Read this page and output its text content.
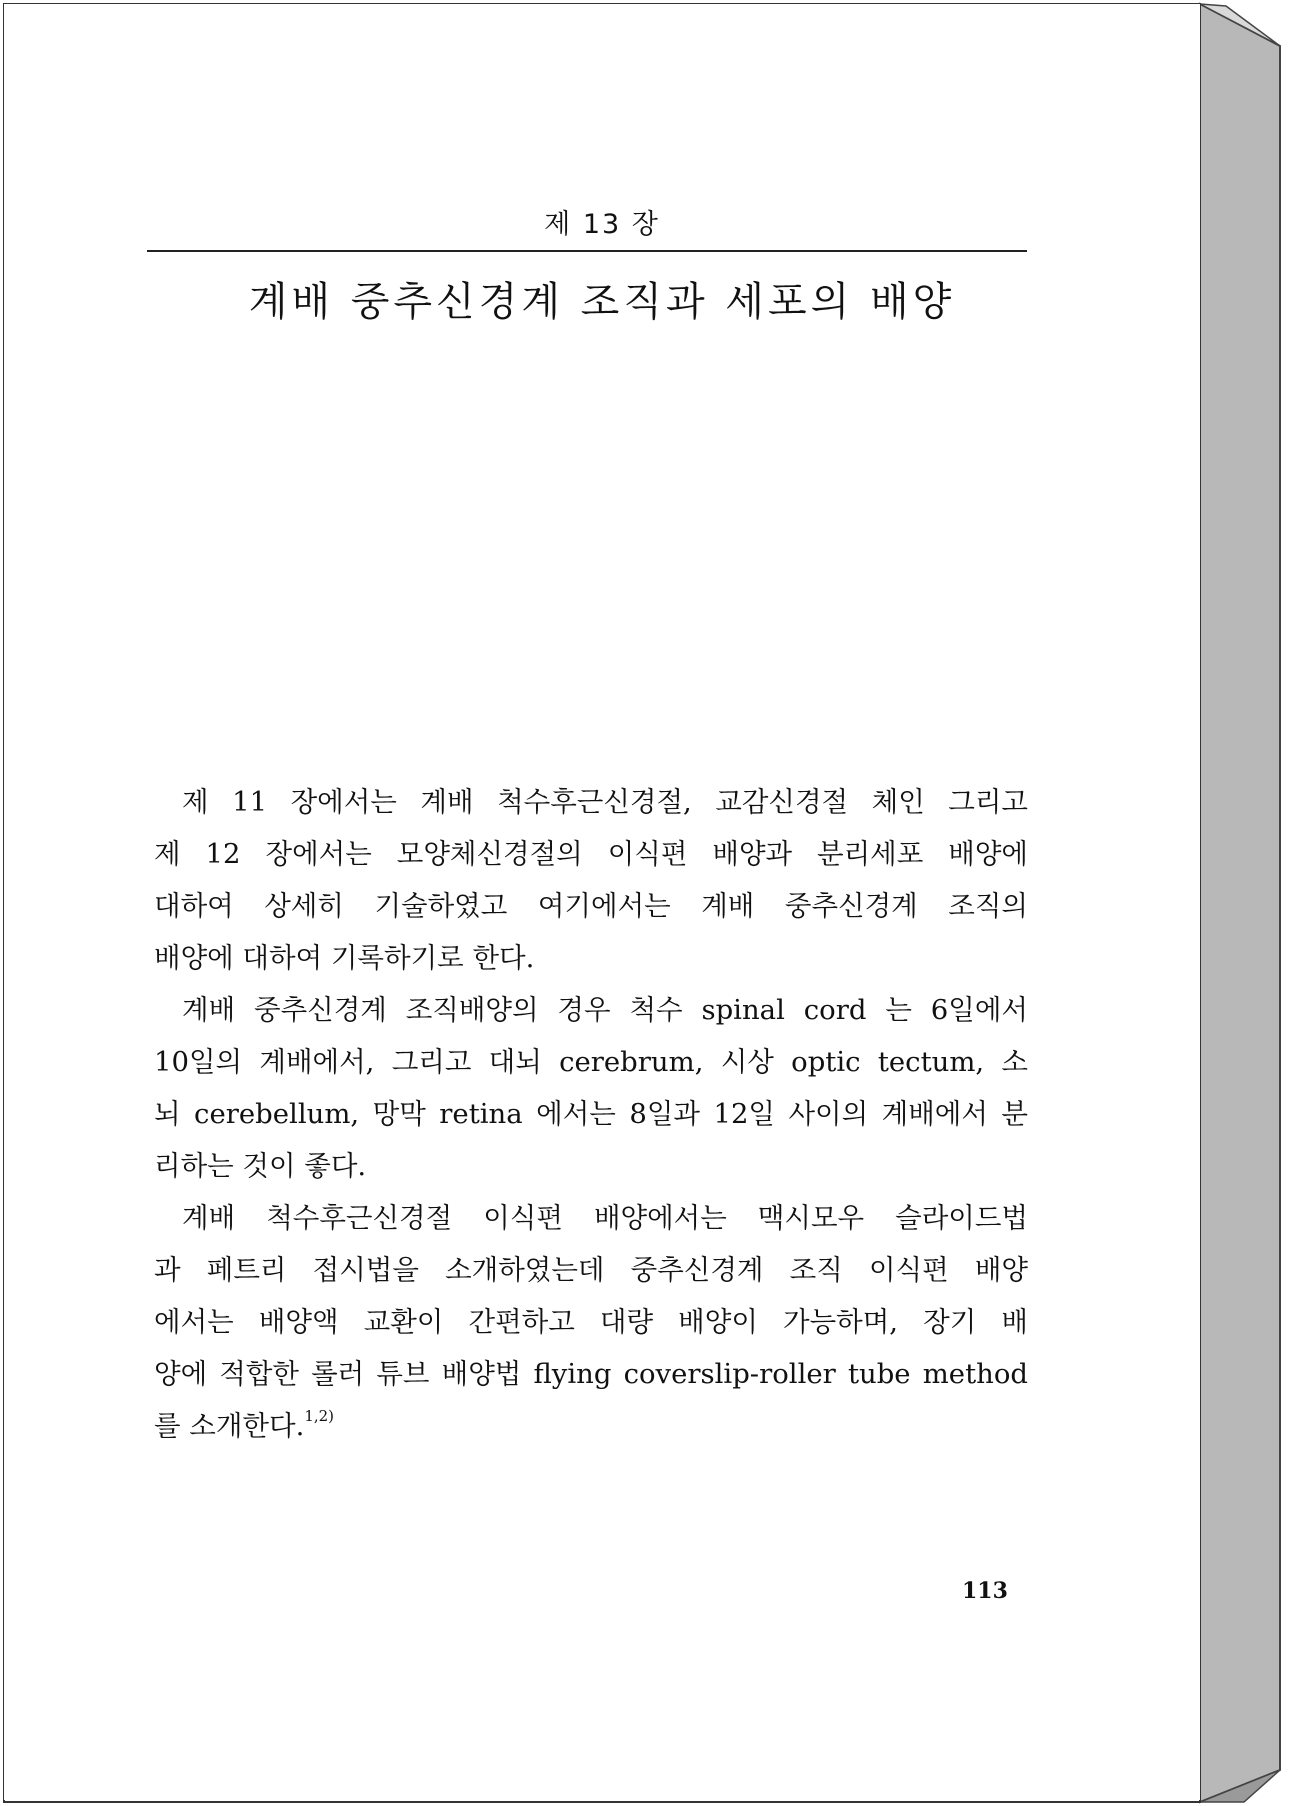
제 13 장
계배 중추신경계 조직과 세포의 배양
제 11 장에서는 계배 척수후근신경절, 교감신경절 체인 그리고
제 12 장에서는 모양체신경절의 이식편 배양과 분리세포 배양에
대하여 상세히 기술하였고 여기에서는 계배 중추신경계 조직의
배양에 대하여 기록하기로 한다.
계배 중추신경계 조직배양의 경우 척수 spinal cord 는 6일에서
10일의 계배에서, 그리고 대뇌 cerebrum, 시상 optic tectum, 소
뇌 cerebellum, 망막 retina 에서는 8일과 12일 사이의 계배에서 분
리하는 것이 좋다.
계배 척수후근신경절 이식편 배양에서는 맥시모우 슬라이드법
과 페트리 접시법을 소개하였는데 중추신경계 조직 이식편 배양
에서는 배양액 교환이 간편하고 대량 배양이 가능하며, 장기 배
양에 적합한 롤러 튜브 배양법 flying coverslip-roller tube method
를 소개한다.$^{1,2)}$
113
